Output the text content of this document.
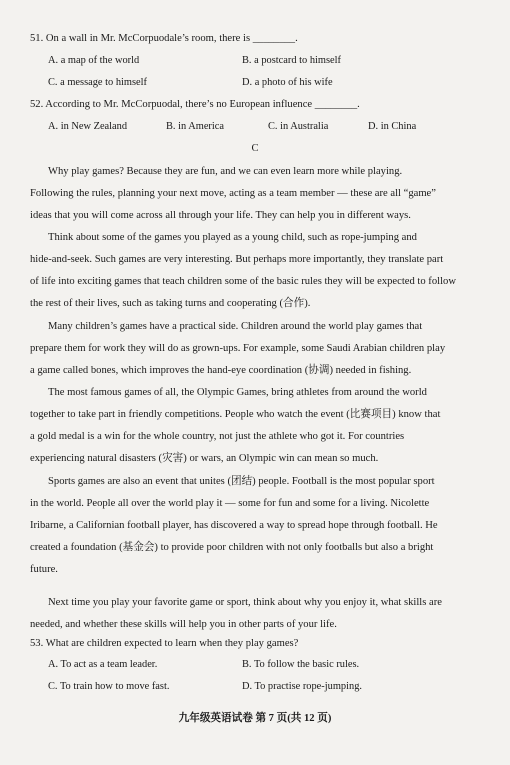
51. On a wall in Mr. McCorpuodale’s room, there is ________.
A. a map of the world	B. a postcard to himself
C. a message to himself	D. a photo of his wife
52. According to Mr. McCorpuodal, there’s no European influence ________.
A. in New Zealand	B. in America	C. in Australia	D. in China
C
Why play games? Because they are fun, and we can even learn more while playing.
Following the rules, planning your next move, acting as a team member — these are all “game”
ideas that you will come across all through your life. They can help you in different ways.
Think about some of the games you played as a young child, such as rope-jumping and
hide-and-seek. Such games are very interesting. But perhaps more importantly, they translate part
of life into exciting games that teach children some of the basic rules they will be expected to follow
the rest of their lives, such as taking turns and cooperating (合作).
Many children’s games have a practical side. Children around the world play games that
prepare them for work they will do as grown-ups. For example, some Saudi Arabian children play
a game called bones, which improves the hand-eye coordination (协调) needed in fishing.
The most famous games of all, the Olympic Games, bring athletes from around the world
together to take part in friendly competitions. People who watch the event (比赛项目) know that
a gold medal is a win for the whole country, not just the athlete who got it. For countries
experiencing natural disasters (灾害) or wars, an Olympic win can mean so much.
Sports games are also an event that unites (团结) people. Football is the most popular sport
in the world. People all over the world play it — some for fun and some for a living. Nicolette
Iribarne, a Californian football player, has discovered a way to spread hope through football. He
created a foundation (基金会) to provide poor children with not only footballs but also a bright
future.
Next time you play your favorite game or sport, think about why you enjoy it, what skills are
needed, and whether these skills will help you in other parts of your life.
53. What are children expected to learn when they play games?
A. To act as a team leader.	B. To follow the basic rules.
C. To train how to move fast.	D. To practise rope-jumping.
九年级英语试卷 第 7 页(共 12 页)
